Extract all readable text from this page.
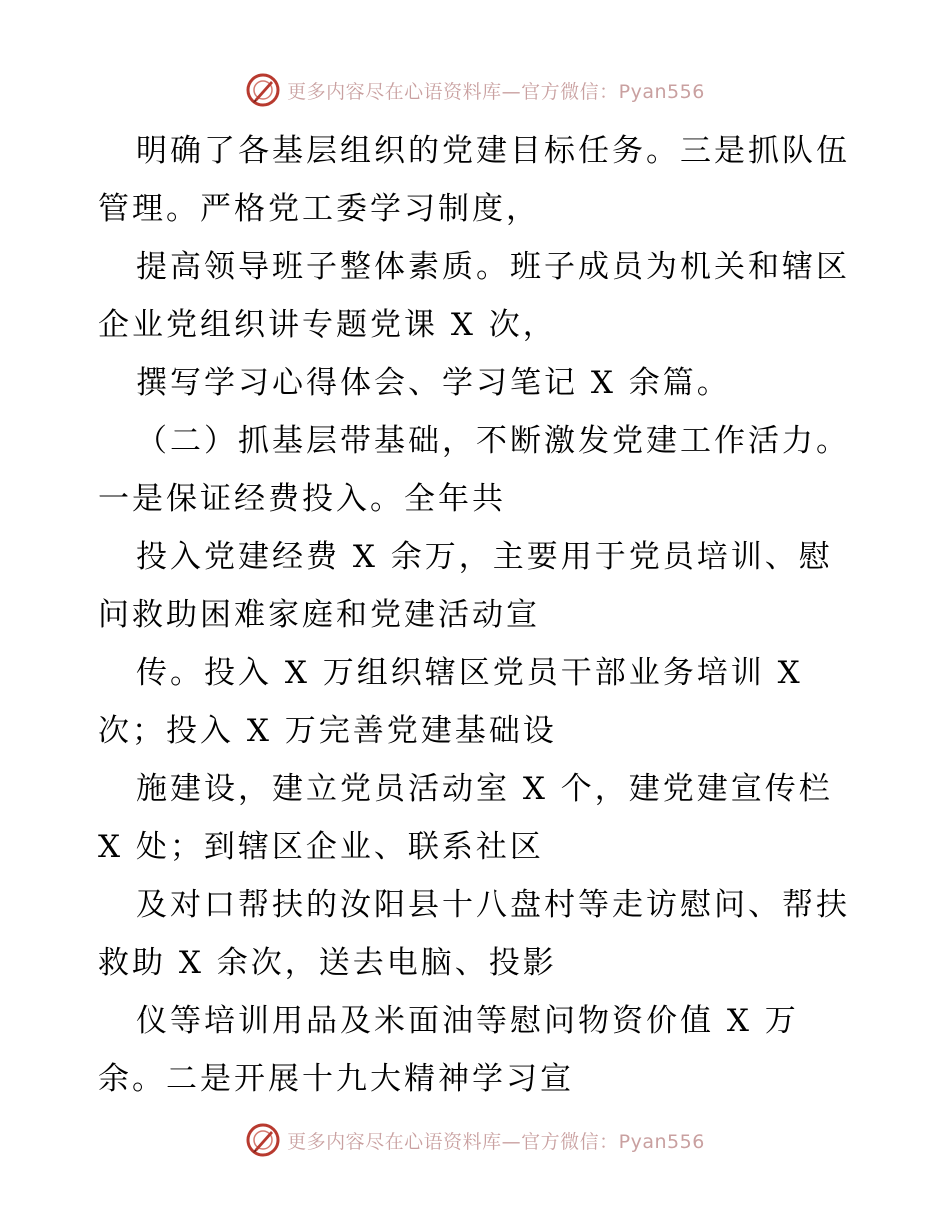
更多内容尽在心语资料库—官方微信：Pyan556

明确了各基层组织的党建目标任务。三是抓队伍管理。严格党工委学习制度，

提高领导班子整体素质。班子成员为机关和辖区企业党组织讲专题党课 X 次，

撰写学习心得体会、学习笔记 X 余篇。

（二）抓基层带基础，不断激发党建工作活力。一是保证经费投入。全年共

投入党建经费 X 余万，主要用于党员培训、慰问救助困难家庭和党建活动宣

传。投入 X 万组织辖区党员干部业务培训 X 次；投入 X 万完善党建基础设

施建设，建立党员活动室 X 个，建党建宣传栏 X 处；到辖区企业、联系社区

及对口帮扶的汝阳县十八盘村等走访慰问、帮扶救助 X 余次，送去电脑、投影

仪等培训用品及米面油等慰问物资价值 X 万余。二是开展十九大精神学习宣

更多内容尽在心语资料库—官方微信：Pyan556
